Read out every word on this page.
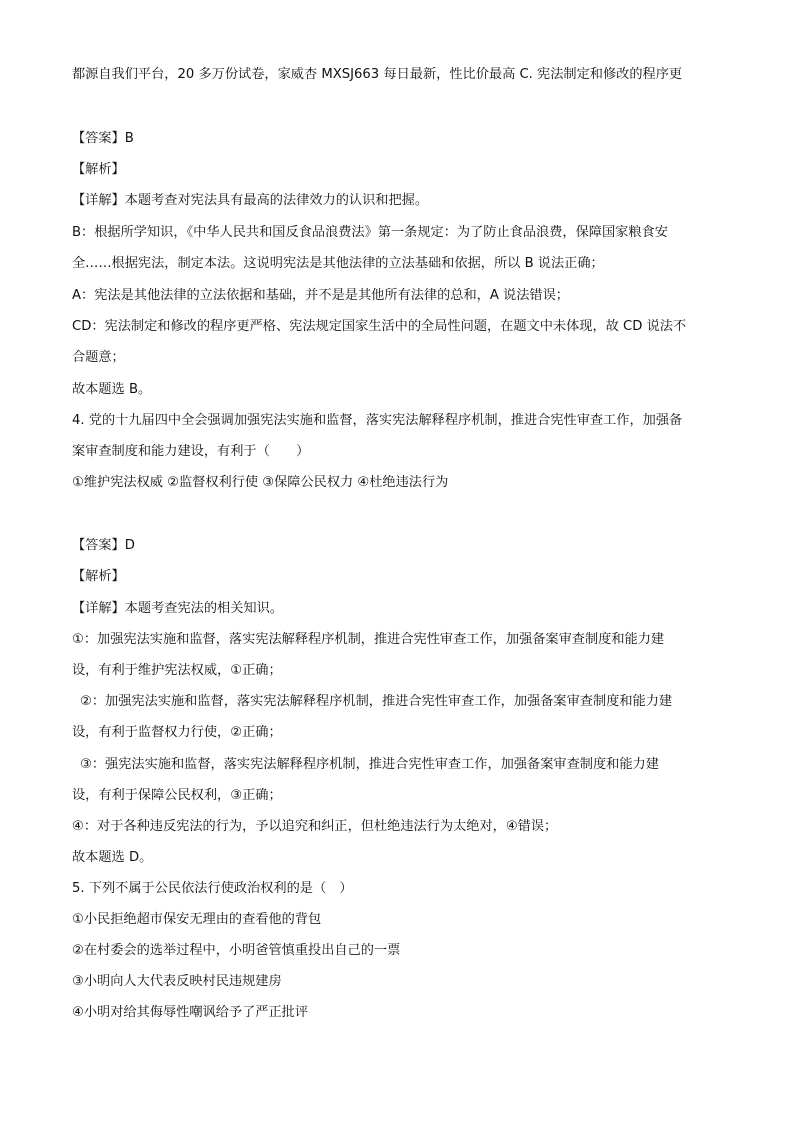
都源自我们平台，20 多万份试卷，家威杏 MXSJ663 每日最新，性比价最高 C. 宪法制定和修改的程序更
【答案】B
【解析】
【详解】本题考查对宪法具有最高的法律效力的认识和把握。
B：根据所学知识，《中华人民共和国反食品浪费法》第一条规定：为了防止食品浪费，保障国家粮食安
全……根据宪法，制定本法。这说明宪法是其他法律的立法基础和依据，所以 B 说法正确；
A：宪法是其他法律的立法依据和基础，并不是是其他所有法律的总和，A 说法错误；
CD：宪法制定和修改的程序更严格、宪法规定国家生活中的全局性问题，在题文中未体现，故 CD 说法不
合题意；
故本题选 B。
4. 党的十九届四中全会强调加强宪法实施和监督，落实宪法解释程序机制，推进合宪性审查工作，加强备
案审查制度和能力建设，有利于（　　）
①维护宪法权威 ②监督权利行使 ③保障公民权力 ④杜绝违法行为
【答案】D
【解析】
【详解】本题考查宪法的相关知识。
①：加强宪法实施和监督，落实宪法解释程序机制，推进合宪性审查工作，加强备案审查制度和能力建
设，有利于维护宪法权威，①正确；
②：加强宪法实施和监督，落实宪法解释程序机制，推进合宪性审查工作，加强备案审查制度和能力建
设，有利于监督权力行使，②正确；
③：强宪法实施和监督，落实宪法解释程序机制，推进合宪性审查工作，加强备案审查制度和能力建
设，有利于保障公民权利，③正确；
④：对于各种违反宪法的行为，予以追究和纠正，但杜绝违法行为太绝对，④错误；
故本题选 D。
5. 下列不属于公民依法行使政治权利的是（　）
①小民拒绝超市保安无理由的查看他的背包
②在村委会的选举过程中，小明爸管慎重投出自己的一票
③小明向人大代表反映村民违规建房
④小明对给其侮辱性嘲讽给予了严正批评
